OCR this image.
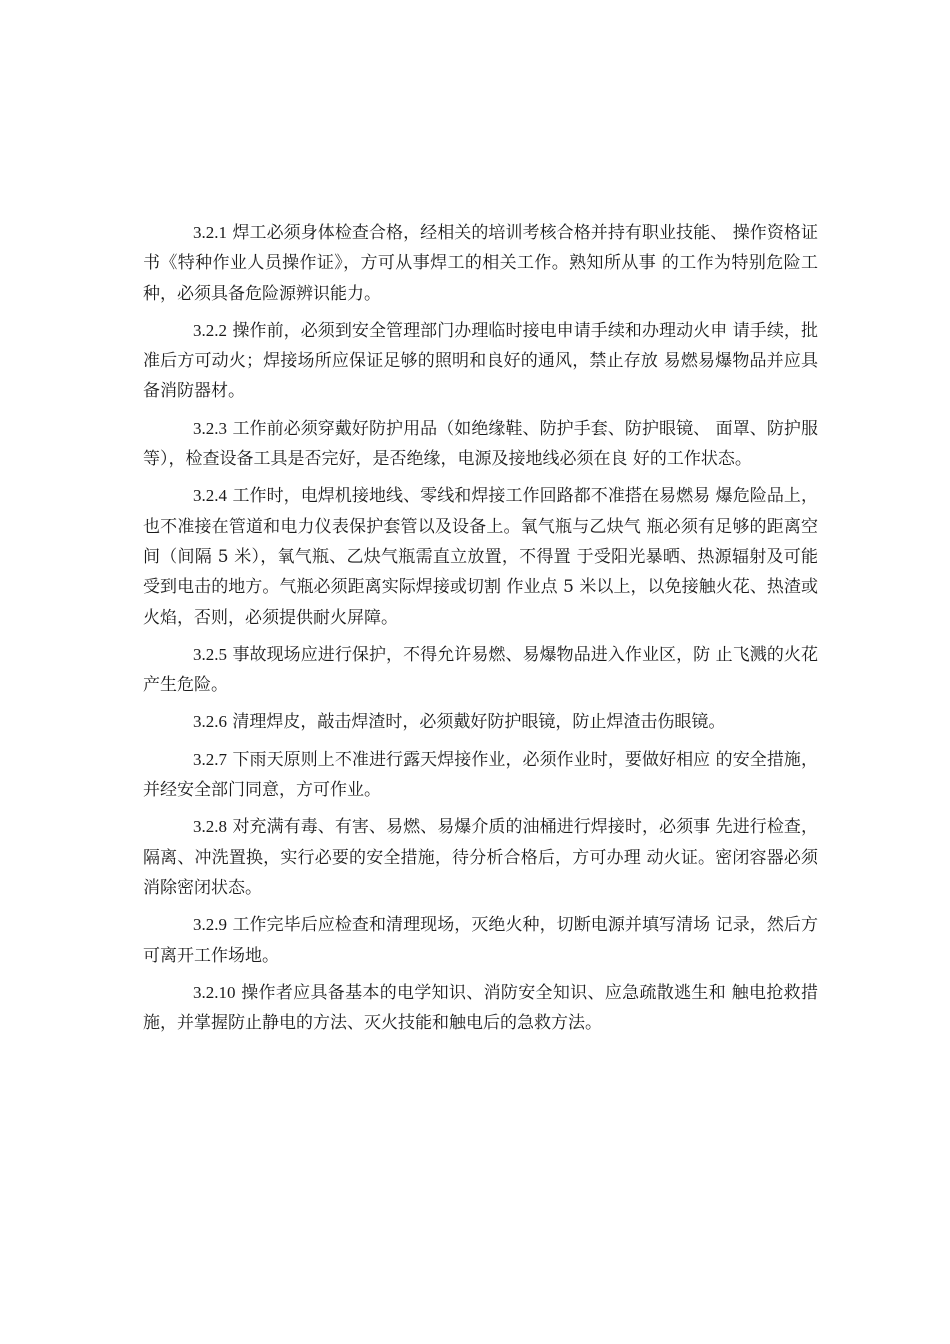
3.2.1 焊工必须身体检查合格，经相关的培训考核合格并持有职业技能、 操作资格证书《特种作业人员操作证》，方可从事焊工的相关工作。熟知所从事 的工作为特别危险工种，必须具备危险源辨识能力。

3.2.2 操作前，必须到安全管理部门办理临时接电申请手续和办理动火申 请手续，批准后方可动火；焊接场所应保证足够的照明和良好的通风，禁止存放 易燃易爆物品并应具备消防器材。

3.2.3 工作前必须穿戴好防护用品（如绝缘鞋、防护手套、防护眼镜、 面罩、防护服等），检查设备工具是否完好，是否绝缘，电源及接地线必须在良 好的工作状态。

3.2.4 工作时，电焊机接地线、零线和焊接工作回路都不准搭在易燃易 爆危险品上，也不准接在管道和电力仪表保护套管以及设备上。氧气瓶与乙炔气 瓶必须有足够的距离空间（间隔 5 米），氧气瓶、乙炔气瓶需直立放置，不得置 于受阳光暴晒、热源辐射及可能受到电击的地方。气瓶必须距离实际焊接或切割 作业点 5 米以上，以免接触火花、热渣或火焰，否则，必须提供耐火屏障。

3.2.5 事故现场应进行保护，不得允许易燃、易爆物品进入作业区，防 止飞溅的火花产生危险。

3.2.6 清理焊皮，敲击焊渣时，必须戴好防护眼镜，防止焊渣击伤眼镜。

3.2.7 下雨天原则上不准进行露天焊接作业，必须作业时，要做好相应 的安全措施，并经安全部门同意，方可作业。

3.2.8 对充满有毒、有害、易燃、易爆介质的油桶进行焊接时，必须事 先进行检查，隔离、冲洗置换，实行必要的安全措施，待分析合格后，方可办理 动火证。密闭容器必须消除密闭状态。

3.2.9 工作完毕后应检查和清理现场，灭绝火种，切断电源并填写清场 记录，然后方可离开工作场地。

3.2.10 操作者应具备基本的电学知识、消防安全知识、应急疏散逃生和 触电抢救措施，并掌握防止静电的方法、灭火技能和触电后的急救方法。
